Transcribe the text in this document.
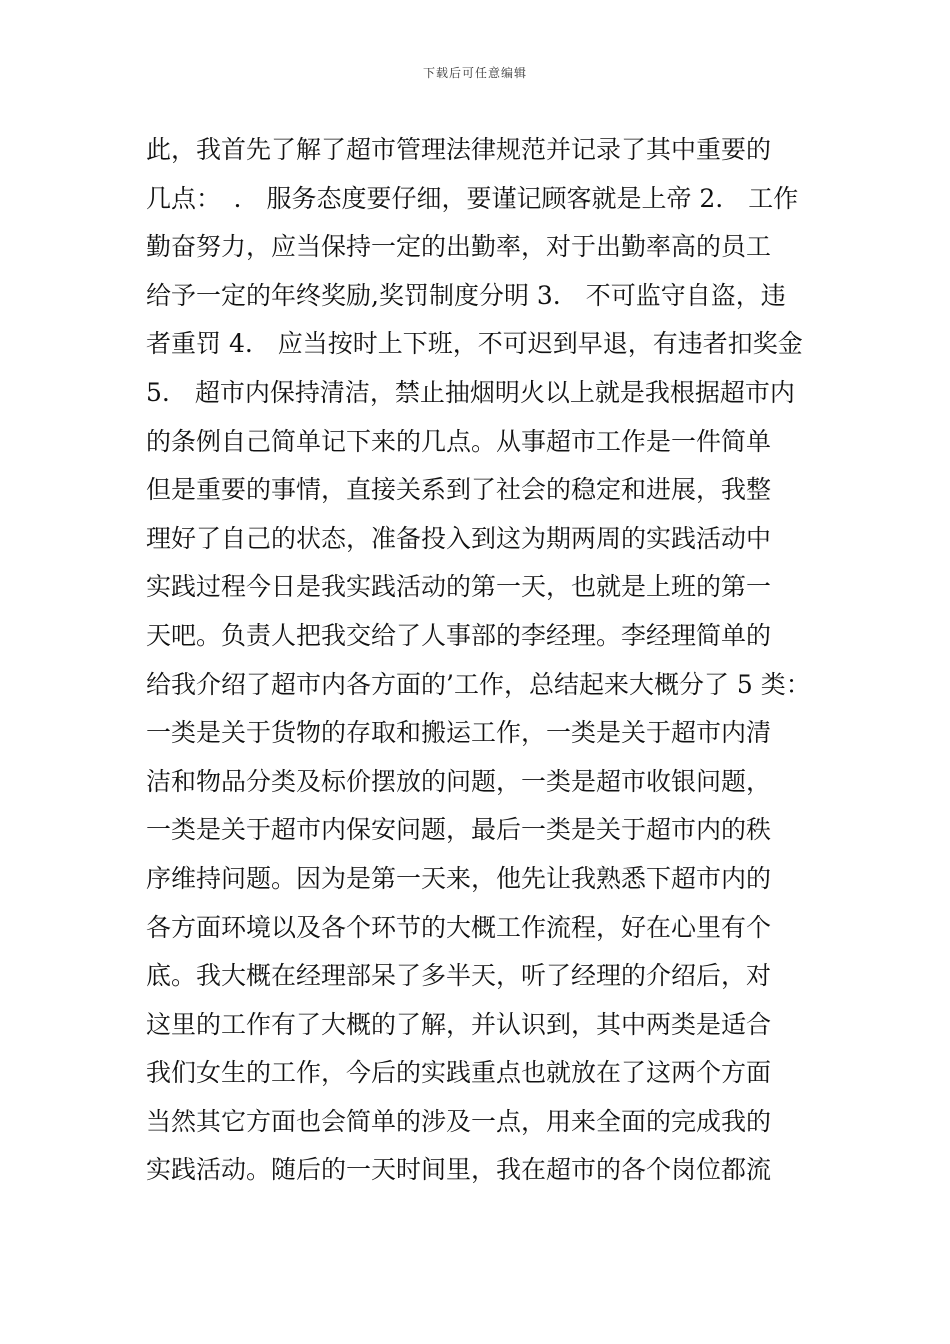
下载后可任意编辑
此，我首先了解了超市管理法律规范并记录了其中重要的
几点：　.　服务态度要仔细，要谨记顾客就是上帝 2.　工作
勤奋努力，应当保持一定的出勤率，对于出勤率高的员工
给予一定的年终奖励,奖罚制度分明 3.　不可监守自盗，违
者重罚 4.　应当按时上下班，不可迟到早退，有违者扣奖金
5.　超市内保持清洁，禁止抽烟明火以上就是我根据超市内
的条例自己简单记下来的几点。从事超市工作是一件简单
但是重要的事情，直接关系到了社会的稳定和进展，我整
理好了自己的状态，准备投入到这为期两周的实践活动中
实践过程今日是我实践活动的第一天，也就是上班的第一
天吧。负责人把我交给了人事部的李经理。李经理简单的
给我介绍了超市内各方面的’工作，总结起来大概分了 5 类：
一类是关于货物的存取和搬运工作，一类是关于超市内清
洁和物品分类及标价摆放的问题，一类是超市收银问题，
一类是关于超市内保安问题，最后一类是关于超市内的秩
序维持问题。因为是第一天来，他先让我熟悉下超市内的
各方面环境以及各个环节的大概工作流程，好在心里有个
底。我大概在经理部呆了多半天，听了经理的介绍后，对
这里的工作有了大概的了解，并认识到，其中两类是适合
我们女生的工作，今后的实践重点也就放在了这两个方面
当然其它方面也会简单的涉及一点，用来全面的完成我的
实践活动。随后的一天时间里，我在超市的各个岗位都流
